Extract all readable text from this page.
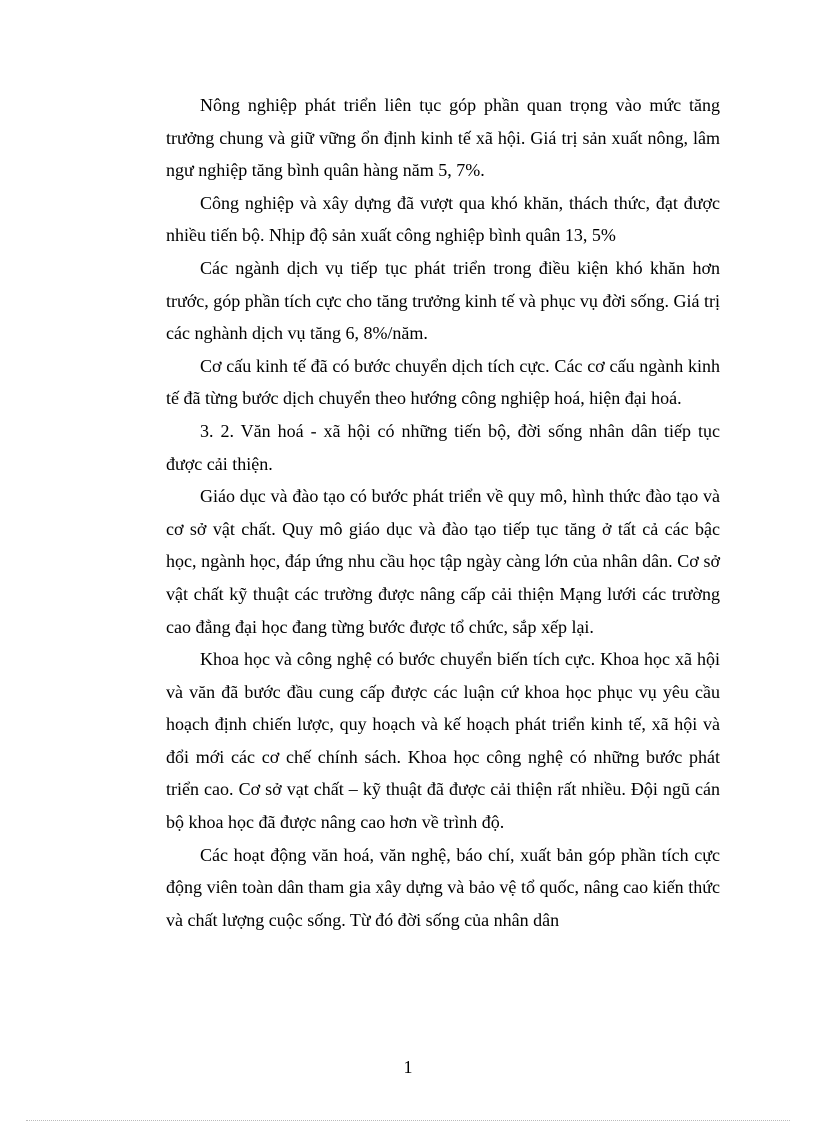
Nông nghiệp phát triển liên tục góp phần quan trọng vào mức tăng trưởng chung và giữ vững ổn định kinh tế xã hội. Giá trị sản xuất nông, lâm ngư nghiệp tăng bình quân hàng năm 5, 7%.

Công nghiệp và xây dựng đã vượt qua khó khăn, thách thức, đạt được nhiều tiến bộ. Nhịp độ sản xuất công nghiệp bình quân 13, 5%

Các ngành dịch vụ tiếp tục phát triển trong điều kiện khó khăn hơn trước, góp phần tích cực cho tăng trưởng kinh tế và phục vụ đời sống. Giá trị các nghành dịch vụ tăng 6, 8%/năm.

Cơ cấu kinh tế đã có bước chuyển dịch tích cực. Các cơ cấu ngành kinh tế đã từng bước dịch chuyển theo hướng công nghiệp hoá, hiện đại hoá.

3. 2. Văn hoá - xã hội có những tiến bộ, đời sống nhân dân tiếp tục được cải thiện.

Giáo dục và đào tạo có bước phát triển về quy mô, hình thức đào tạo và cơ sở vật chất. Quy mô giáo dục và đào tạo tiếp tục tăng ở tất cả các bậc học, ngành học, đáp ứng nhu cầu học tập ngày càng lớn của nhân dân. Cơ sở vật chất kỹ thuật các trường được nâng cấp cải thiện Mạng lưới các trường cao đẳng đại học đang từng bước được tổ chức, sắp xếp lại.

Khoa học và công nghệ có bước chuyển biến tích cực. Khoa học xã hội và văn đã bước đầu cung cấp được các luận cứ khoa học phục vụ yêu cầu hoạch định chiến lược, quy hoạch và kế hoạch phát triển kinh tế, xã hội và đổi mới các cơ chế chính sách. Khoa học công nghệ có những bước phát triển cao. Cơ sở vạt chất – kỹ thuật đã được cải thiện rất nhiều. Đội ngũ cán bộ khoa học đã được nâng cao hơn về trình độ.

Các hoạt động văn hoá, văn nghệ, báo chí, xuất bản góp phần tích cực động viên toàn dân tham gia xây dựng và bảo vệ tổ quốc, nâng cao kiến thức và chất lượng cuộc sống. Từ đó đời sống của nhân dân

1
